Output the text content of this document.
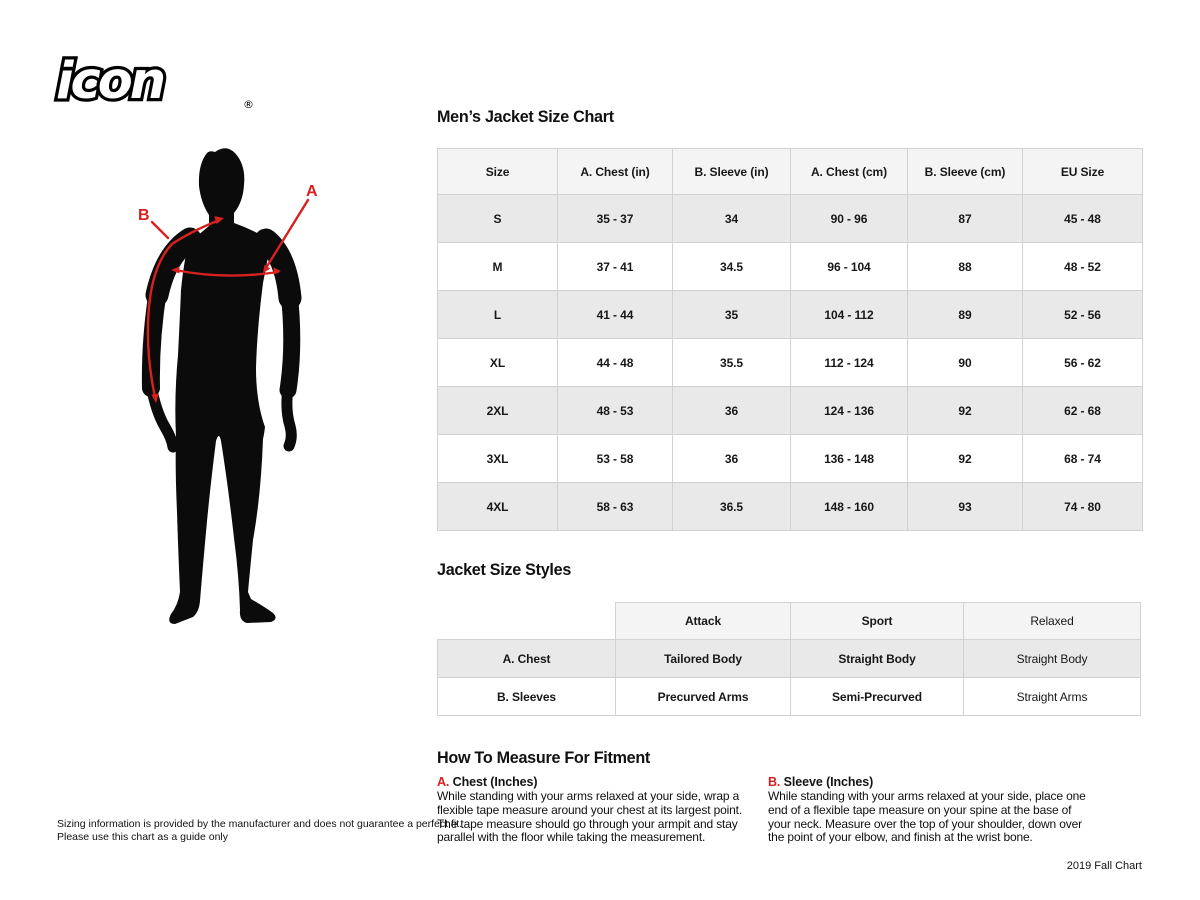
icon	®
B
A
Men’s Jacket Size Chart
Size	A. Chest (in)	B. Sleeve (in)	A. Chest (cm)	B. Sleeve (cm)	EU Size
S	35 - 37	34	90 - 96	87	45 - 48
M	37 - 41	34.5	96 - 104	88	48 - 52
L	41 - 44	35	104 - 112	89	52 - 56
XL	44 - 48	35.5	112 - 124	90	56 - 62
2XL	48 - 53	36	124 - 136	92	62 - 68
3XL	53 - 58	36	136 - 148	92	68 - 74
4XL	58 - 63	36.5	148 - 160	93	74 - 80
Jacket Size Styles
	Attack	Sport	Relaxed
A. Chest	Tailored Body	Straight Body	Straight Body
B. Sleeves	Precurved Arms	Semi-Precurved	Straight Arms
How To Measure For Fitment
A. Chest (Inches)

While standing with your arms relaxed at your side, wrap a flexible tape measure around your chest at its largest point. The tape measure should go through your armpit and stay parallel with the floor while taking the measurement.

B. Sleeve (Inches)

While standing with your arms relaxed at your side, place one end of a flexible tape measure on your spine at the base of your neck. Measure over the top of your shoulder, down over the point of your elbow, and finish at the wrist bone.

Sizing information is provided by the manufacturer and does not guarantee a perfect fit. Please use this chart as a guide only
2019 Fall Chart
